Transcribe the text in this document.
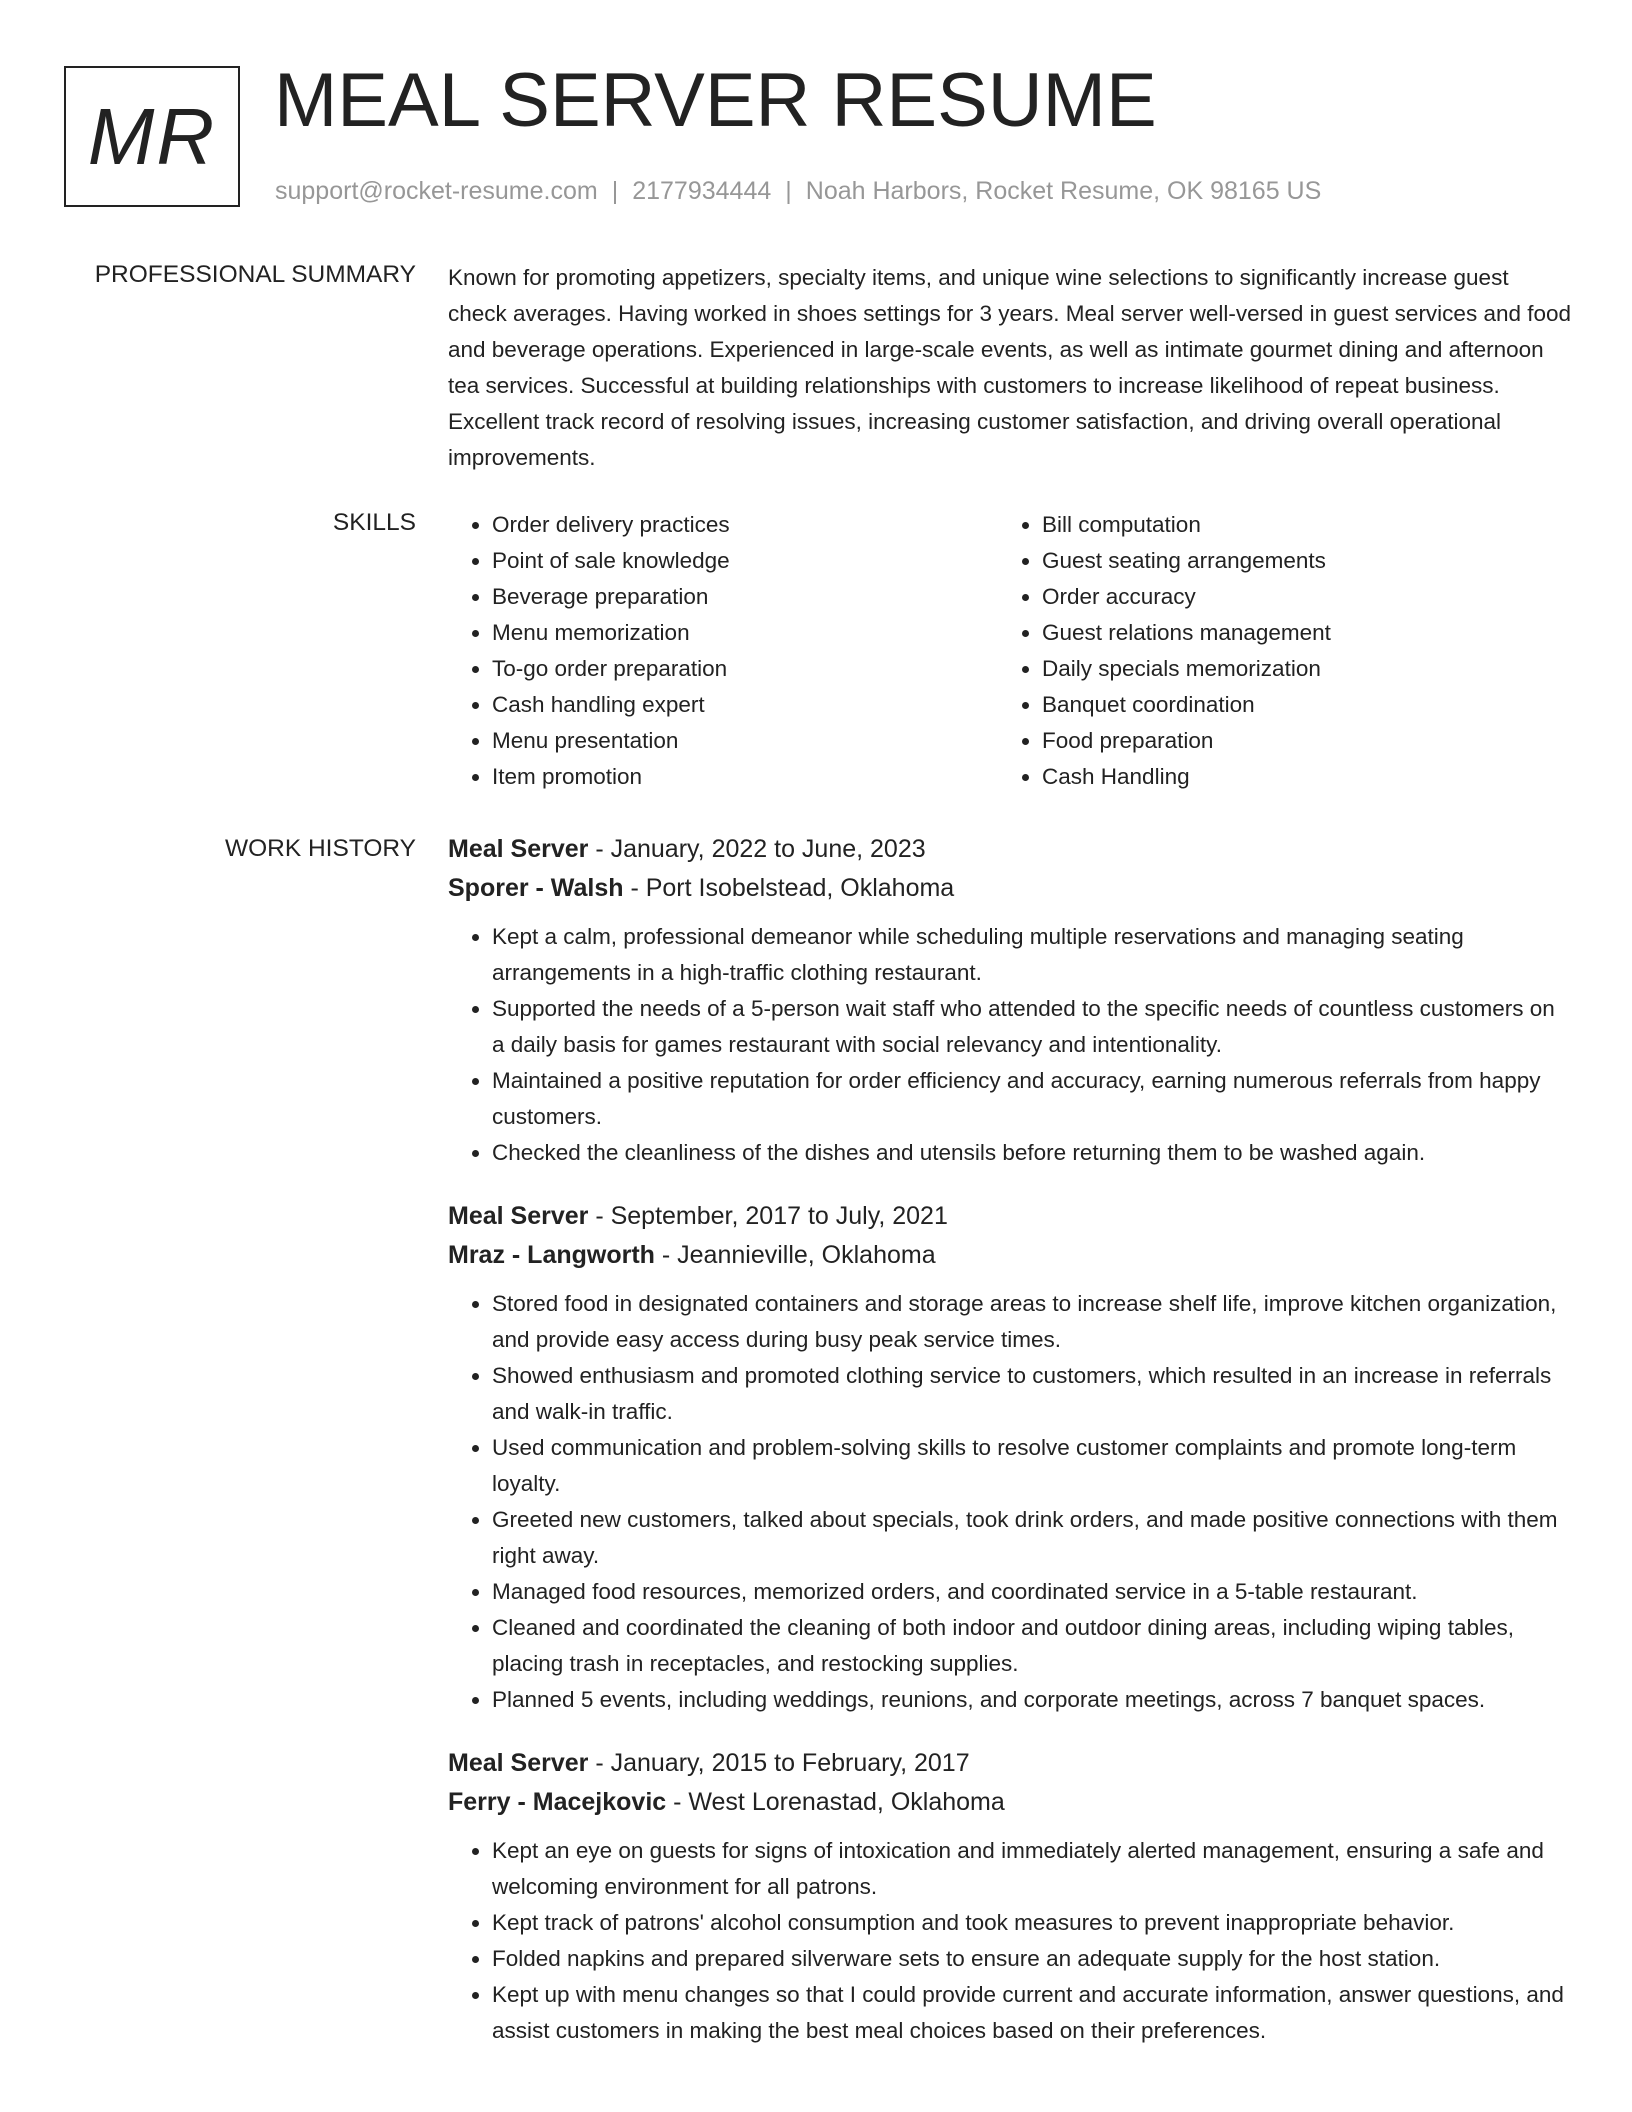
MR MEAL SERVER RESUME
support@rocket-resume.com | 2177934444 | Noah Harbors, Rocket Resume, OK 98165 US
PROFESSIONAL SUMMARY Known for promoting appetizers, specialty items, and unique wine selections to significantly increase guest check averages. Having worked in shoes settings for 3 years. Meal server well-versed in guest services and food and beverage operations. Experienced in large-scale events, as well as intimate gourmet dining and afternoon tea services. Successful at building relationships with customers to increase likelihood of repeat business. Excellent track record of resolving issues, increasing customer satisfaction, and driving overall operational improvements.

SKILLS
•	Order delivery practices
• Point of sale knowledge
• Beverage preparation
• Menu memorization
• To-go order preparation
• Cash handling expert
• Menu presentation
• Item promotion
• Bill computation
• Guest seating arrangements
• Order accuracy
• Guest relations management
• Daily specials memorization
• Banquet coordination
• Food preparation
• Cash Handling
WORK HISTORY Meal Server - January, 2022 to June, 2023
Sporer - Walsh - Port Isobelstead, Oklahoma
• Kept a calm, professional demeanor while scheduling multiple reservations and managing seating arrangements in a high-traffic clothing restaurant.
• Supported the needs of a 5-person wait staff who attended to the specific needs of countless customers on a daily basis for games restaurant with social relevancy and intentionality.
• Maintained a positive reputation for order efficiency and accuracy, earning numerous referrals from happy customers.
• Checked the cleanliness of the dishes and utensils before returning them to be washed again.
Meal Server - September, 2017 to July, 2021
Mraz - Langworth - Jeannieville, Oklahoma
• Stored food in designated containers and storage areas to increase shelf life, improve kitchen organization, and provide easy access during busy peak service times.
• Showed enthusiasm and promoted clothing service to customers, which resulted in an increase in referrals and walk-in traffic.
• Used communication and problem-solving skills to resolve customer complaints and promote long-term loyalty.
• Greeted new customers, talked about specials, took drink orders, and made positive connections with them right away.
• Managed food resources, memorized orders, and coordinated service in a 5-table restaurant.
• Cleaned and coordinated the cleaning of both indoor and outdoor dining areas, including wiping tables, placing trash in receptacles, and restocking supplies.
• Planned 5 events, including weddings, reunions, and corporate meetings, across 7 banquet spaces.
Meal Server - January, 2015 to February, 2017
Ferry - Macejkovic - West Lorenastad, Oklahoma
• Kept an eye on guests for signs of intoxication and immediately alerted management, ensuring a safe and welcoming environment for all patrons.
• Kept track of patrons' alcohol consumption and took measures to prevent inappropriate behavior.
• Folded napkins and prepared silverware sets to ensure an adequate supply for the host station.
• Kept up with menu changes so that I could provide current and accurate information, answer questions, and assist customers in making the best meal choices based on their preferences.
